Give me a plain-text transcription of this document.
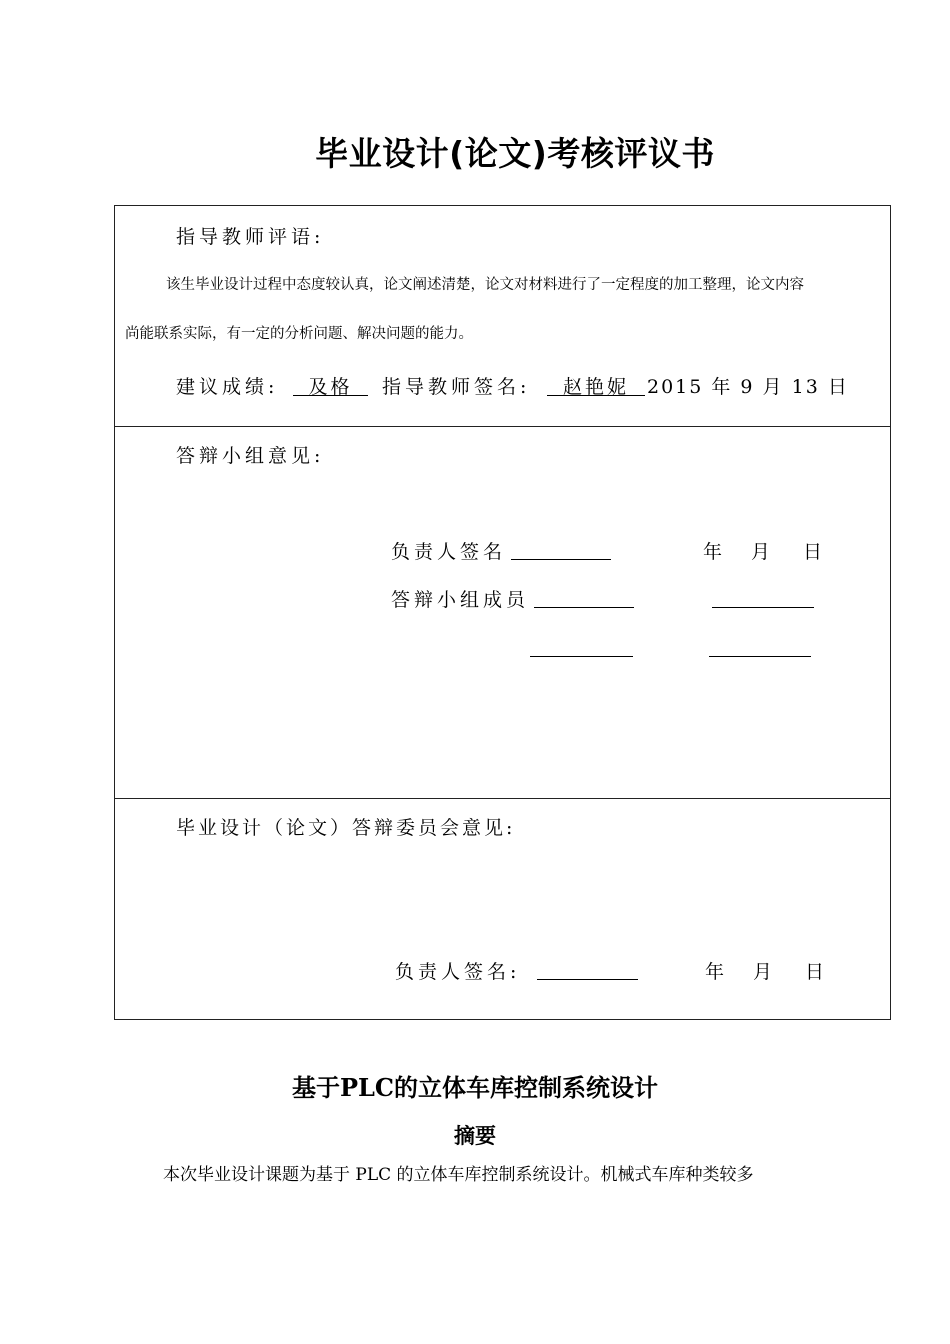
毕业设计(论文)考核评议书
指导教师评语:
该生毕业设计过程中态度较认真，论文阐述清楚，论文对材料进行了一定程度的加工整理，论文内容
尚能联系实际，有一定的分析问题、解决问题的能力。
建议成绩:	及格	指导教师签名:	赵艳妮 2015 年 9 月 13 日
答辩小组意见:
负责人签名	年 月 日
答辩小组成员
毕业设计（论文）答辩委员会意见:
负责人签名:	年 月 日
基于PLC的立体车库控制系统设计
摘要
本次毕业设计课题为基于 PLC 的立体车库控制系统设计。机械式车库种类较多
